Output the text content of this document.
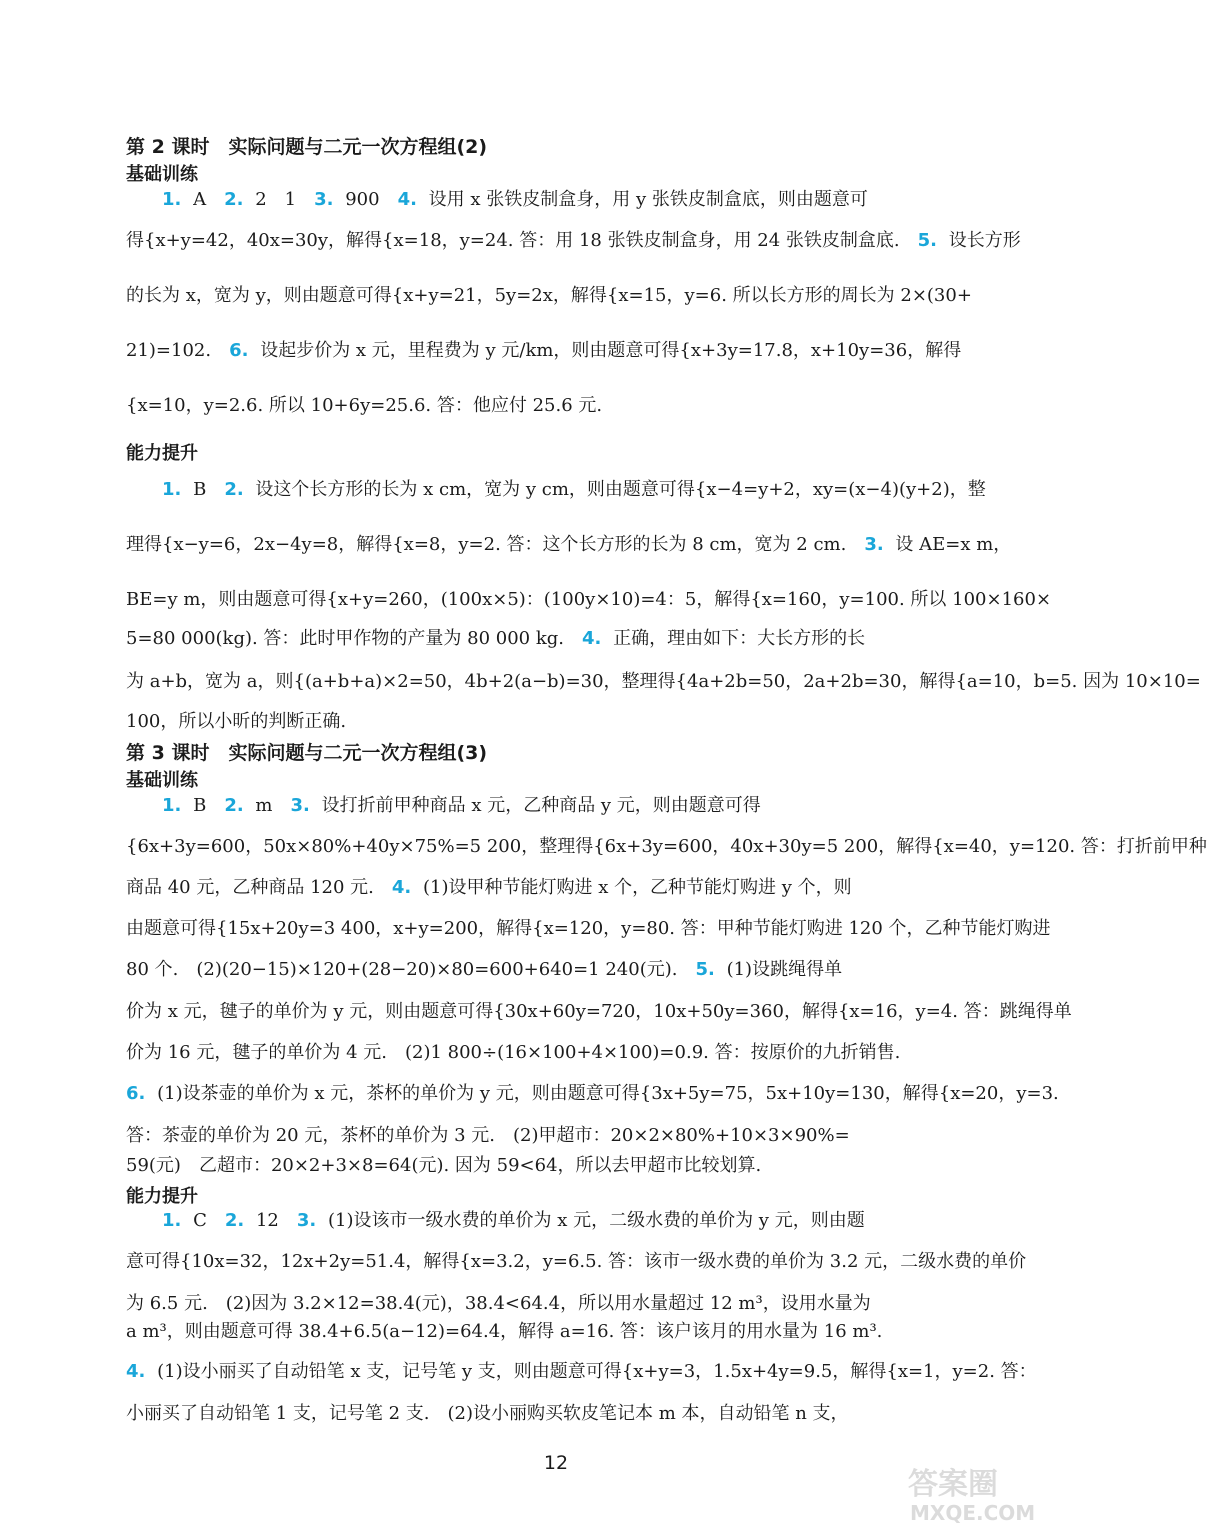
第 2 课时　实际问题与二元一次方程组(2)
基础训练
1. A　2. 2　1　3. 900　4. 设用 x 张铁皮制盒身，用 y 张铁皮制盒底，则由题意可
得{x+y=42，40x=30y，解得{x=18，y=24. 答：用 18 张铁皮制盒身，用 24 张铁皮制盒底.　5. 设长方形
的长为 x，宽为 y，则由题意可得{x+y=21，5y=2x，解得{x=15，y=6. 所以长方形的周长为 2×(30+
21)=102.　6. 设起步价为 x 元，里程费为 y 元/km，则由题意可得{x+3y=17.8，x+10y=36，解得
{x=10，y=2.6. 所以 10+6y=25.6. 答：他应付 25.6 元.
能力提升
1. B　2. 设这个长方形的长为 x cm，宽为 y cm，则由题意可得{x−4=y+2，xy=(x−4)(y+2)，整
理得{x−y=6，2x−4y=8，解得{x=8，y=2. 答：这个长方形的长为 8 cm，宽为 2 cm.　3. 设 AE=x m，
BE=y m，则由题意可得{x+y=260，(100x×5)：(100y×10)=4：5，解得{x=160，y=100. 所以 100×160×
5=80 000(kg). 答：此时甲作物的产量为 80 000 kg.　4. 正确，理由如下：大长方形的长
为 a+b，宽为 a，则{(a+b+a)×2=50，4b+2(a−b)=30，整理得{4a+2b=50，2a+2b=30，解得{a=10，b=5. 因为 10×10=
100，所以小昕的判断正确.
第 3 课时　实际问题与二元一次方程组(3)
基础训练
1. B　2. m　3. 设打折前甲种商品 x 元，乙种商品 y 元，则由题意可得
{6x+3y=600，50x×80%+40y×75%=5 200，整理得{6x+3y=600，40x+30y=5 200，解得{x=40，y=120. 答：打折前甲种
商品 40 元，乙种商品 120 元.　4. (1)设甲种节能灯购进 x 个，乙种节能灯购进 y 个，则
由题意可得{15x+20y=3 400，x+y=200，解得{x=120，y=80. 答：甲种节能灯购进 120 个，乙种节能灯购进
80 个.　(2)(20−15)×120+(28−20)×80=600+640=1 240(元).　5. (1)设跳绳得单
价为 x 元，毽子的单价为 y 元，则由题意可得{30x+60y=720，10x+50y=360，解得{x=16，y=4. 答：跳绳得单
价为 16 元，毽子的单价为 4 元.　(2)1 800÷(16×100+4×100)=0.9. 答：按原价的九折销售.
6. (1)设茶壶的单价为 x 元，茶杯的单价为 y 元，则由题意可得{3x+5y=75，5x+10y=130，解得{x=20，y=3.
答：茶壶的单价为 20 元，茶杯的单价为 3 元.　(2)甲超市：20×2×80%+10×3×90%=
59(元)　乙超市：20×2+3×8=64(元). 因为 59<64，所以去甲超市比较划算.
能力提升
1. C　2. 12　3. (1)设该市一级水费的单价为 x 元，二级水费的单价为 y 元，则由题
意可得{10x=32，12x+2y=51.4，解得{x=3.2，y=6.5. 答：该市一级水费的单价为 3.2 元，二级水费的单价
为 6.5 元.　(2)因为 3.2×12=38.4(元)，38.4<64.4，所以用水量超过 12 m³，设用水量为
a m³，则由题意可得 38.4+6.5(a−12)=64.4，解得 a=16. 答：该户该月的用水量为 16 m³.
4. (1)设小丽买了自动铅笔 x 支，记号笔 y 支，则由题意可得{x+y=3，1.5x+4y=9.5，解得{x=1，y=2. 答：
小丽买了自动铅笔 1 支，记号笔 2 支.　(2)设小丽购买软皮笔记本 m 本，自动铅笔 n 支，
12
答案圈
MXQE.COM
